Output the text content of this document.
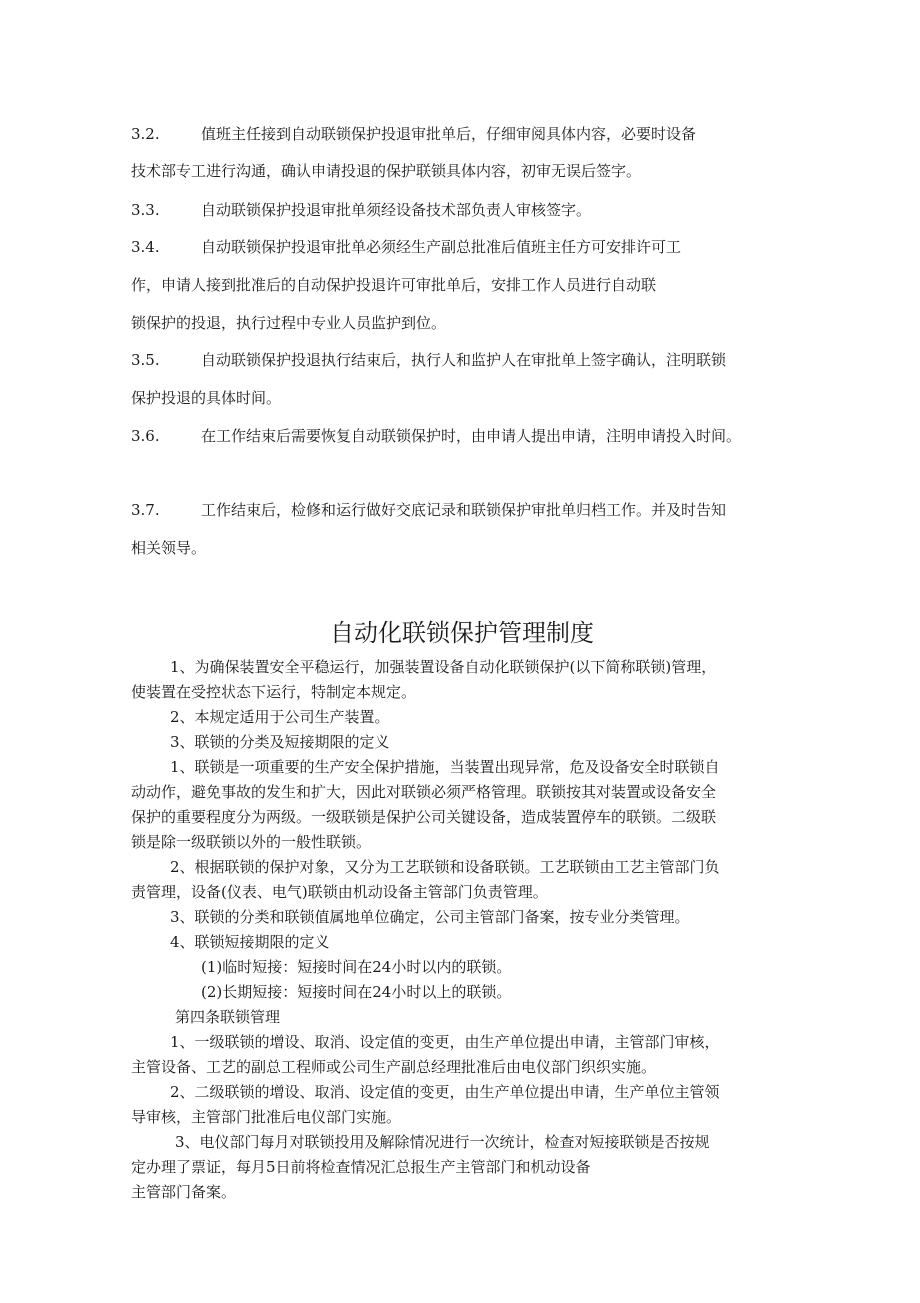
3.2.	值班主任接到自动联锁保护投退审批单后，仔细审阅具体内容，必要时设备
技术部专工进行沟通，确认申请投退的保护联锁具体内容，初审无误后签字。
3.3.	自动联锁保护投退审批单须经设备技术部负责人审核签字。
3.4.	自动联锁保护投退审批单必须经生产副总批准后值班主任方可安排许可工
作，申请人接到批准后的自动保护投退许可审批单后，安排工作人员进行自动联
锁保护的投退，执行过程中专业人员监护到位。
3.5.	自动联锁保护投退执行结束后，执行人和监护人在审批单上签字确认，注明联锁
保护投退的具体时间。
3.6.	在工作结束后需要恢复自动联锁保护时，由申请人提出申请，注明申请投入时间。
3.7.	工作结束后，检修和运行做好交底记录和联锁保护审批单归档工作。并及时告知
相关领导。
自动化联锁保护管理制度
1、为确保装置安全平稳运行，加强装置设备自动化联锁保护(以下简称联锁)管理，
使装置在受控状态下运行，特制定本规定。
2、本规定适用于公司生产装置。
3、联锁的分类及短接期限的定义
1、联锁是一项重要的生产安全保护措施，当装置出现异常，危及设备安全时联锁自
动动作，避免事故的发生和扩大，因此对联锁必须严格管理。联锁按其对装置或设备安全
保护的重要程度分为两级。一级联锁是保护公司关键设备，造成装置停车的联锁。二级联
锁是除一级联锁以外的一般性联锁。
2、根据联锁的保护对象，又分为工艺联锁和设备联锁。工艺联锁由工艺主管部门负
责管理，设备(仪表、电气)联锁由机动设备主管部门负责管理。
3、联锁的分类和联锁值属地单位确定，公司主管部门备案，按专业分类管理。
4、联锁短接期限的定义
(1)临时短接：短接时间在24小时以内的联锁。
(2)长期短接：短接时间在24小时以上的联锁。
第四条联锁管理
1、一级联锁的增设、取消、设定值的变更，由生产单位提出申请，主管部门审核，
主管设备、工艺的副总工程师或公司生产副总经理批准后由电仪部门织织实施。
2、二级联锁的增设、取消、设定值的变更，由生产单位提出申请，生产单位主管领
导审核，主管部门批准后电仪部门实施。
3、电仪部门每月对联锁投用及解除情况进行一次统计，检查对短接联锁是否按规
定办理了票证，每月5日前将检查情况汇总报生产主管部门和机动设备
主管部门备案。
